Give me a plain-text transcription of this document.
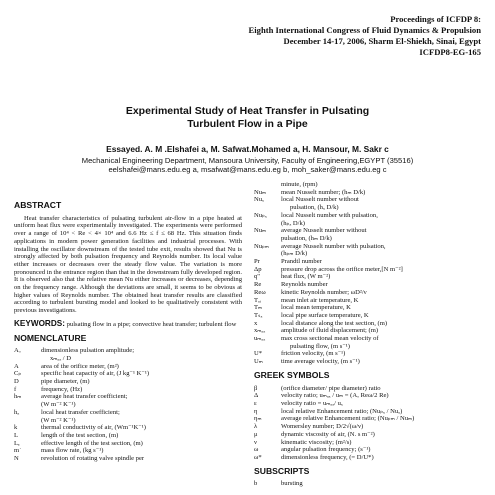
Proceedings of ICFDP 8:
Eighth International Congress of Fluid Dynamics & Propulsion
December 14-17, 2006, Sharm El-Shiekh, Sinai, Egypt
ICFDP8-EG-165
Experimental Study of Heat Transfer in Pulsating
Turbulent Flow in a Pipe
Essayed. A. M .Elshafei a, M. Safwat.Mohamed a, H. Mansour, M. Sakr c
Mechanical Engineering Department, Mansoura University, Faculty of Engineering,EGYPT (35516)
eelshafei@mans.edu.eg a, msafwat@mans.edu.eg b, moh_saker@mans.edu.eg c
ABSTRACT
Heat transfer characteristics of pulsating turbulent air-flow in a pipe heated at uniform heat flux were experimentally investigated. The experiments were performed over a range of 10⁴ < Re < 4× 10⁴ and 6.6 Hz ≤ f ≤ 68 Hz. This situation finds applications in modern power generation facilities and industrial processes. With installing the oscillator downstream of the tested tube exit, results showed that Nu is strongly affected by both pulsation frequency and Reynolds number. Its local value either increases or decreases over the steady flow value. The variation is more pronounced in the entrance region than that in the downstream fully developed region. It is observed also that the relative mean Nu either increases or decreases, depending on the frequency range. Although the deviations are small, it seems to be obvious at higher values of Reynolds number. The obtained heat transfer results are classified according to turbulent bursting model and looked to be qualitatively consistent with previous investigations.
KEYWORDS: pulsating flow in a pipe; convective heat transfer; turbulent flow
NOMENCLATURE
Aₒ	dimensionless pulsation amplitude;
xₘₐₓ / D
A	area of the orifice meter, (m²)
Cₚ	specific heat capacity of air, (J kg⁻¹ K⁻¹)
D	pipe diameter, (m)
f	frequency, (Hz)
hₘ	average heat transfer coefficient;
(W m⁻² K⁻¹)
hₓ	local heat transfer coefficient;
(W m⁻² K⁻¹)
k	thermal conductivity of air, (Wm⁻¹K⁻¹)
L	length of the test section, (m)
Lₑ	effective length of the test section, (m)
m˙	mass flow rate, (kg s⁻¹)
N	revolution of rotating valve spindle per
minute, (rpm)
Nuₘ	mean Nusselt number; (hₘ D/k)
Nuₓ	local Nusselt number without
pulsation, (hₓ D/k)
Nuₚₓ	local Nusselt number with pulsation,
(hₚₓ D/k)
Nuₘ	average Nusselt number without
pulsation, (hₘ D/k)
Nuₚₘ	average Nusselt number with pulsation,
(hₚₘ D/k)
Pr	Prandtl number
Δp	pressure drop across the orifice meter,[N m⁻²]
q"	heat flux, (W m⁻²)
Re	Reynolds number
Reω	kinetic Reynolds number; ωD²/ν
Tₐᵢ	mean inlet air temperature, K
Tₘ	local mean temperature, K
Tₛₓ	local pipe surface temperature, K
x	local distance along the test section, (m)
xₘₐₓ	amplitude of fluid displacement; (m)
uₘₐₓ	max cross sectional mean velocity of
pulsating flow, (m s⁻¹)
U*	friction velocity, (m s⁻¹)
Uₘ	time average velocity, (m s⁻¹)
GREEK SYMBOLS
β	(orifice diameter/ pipe diameter) ratio
Δ	velocity ratio; uₘₐₓ / uₘ = (Aₒ Reω/2 Re)
ε	velocity ratio = uₘₐₓ/ uₓ
η	local relative Enhancement ratio; (Nuₚₓ / Nuₓ)
ηₘ	average relative Enhancement ratio; (Nuₚₘ / Nuₘ)
λ	Womersley number; D/2√(ω/ν)
μ	dynamic viscosity of air, (N. s m⁻²)
ν	kinematic viscosity; (m²/s)
ω	angular pulsation frequency; (s⁻¹)
ω*	dimensionless frequency, (= D/U*)
SUBSCRIPTS
b	bursting
